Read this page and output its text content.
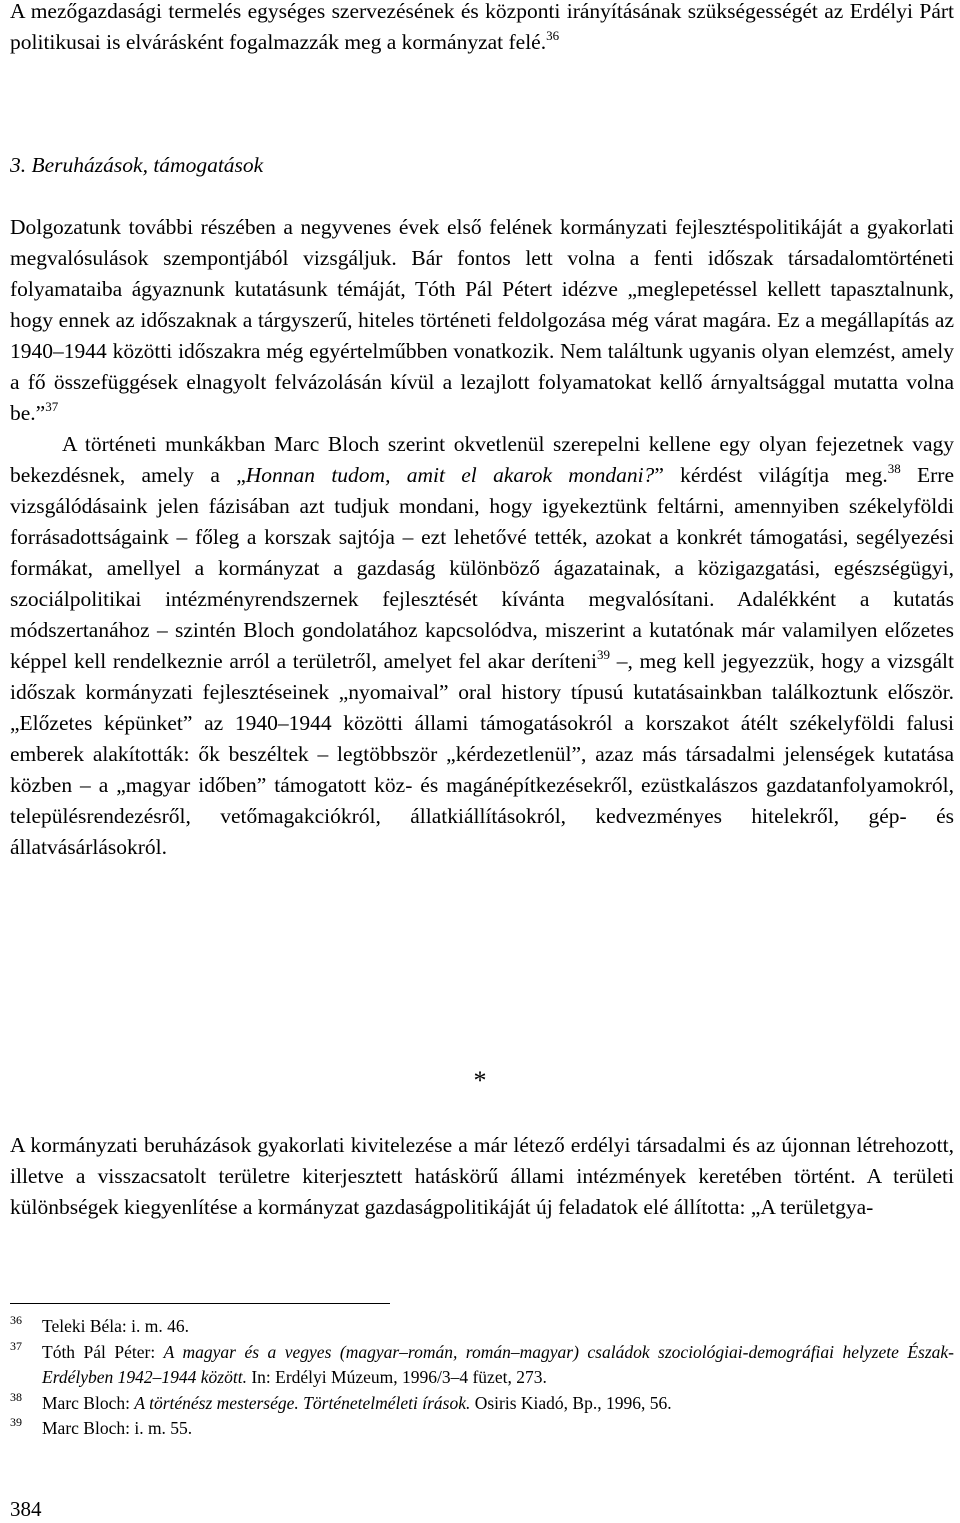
A mezőgazdasági termelés egységes szervezésének és központi irányításának szükségességét az Erdélyi Párt politikusai is elvárásként fogalmazzák meg a kormányzat felé.$^{36}$

3. Beruházások, támogatások

Dolgozatunk további részében a negyvenes évek első felének kormányzati fejlesztéspolitikáját a gyakorlati megvalósulások szempontjából vizsgáljuk. Bár fontos lett volna a fenti időszak társadalomtörténeti folyamataiba ágyaznunk kutatásunk témáját, Tóth Pál Pétert idézve „meglepetéssel kellett tapasztalnunk, hogy ennek az időszaknak a tárgyszerű, hiteles történeti feldolgozása még várat magára. Ez a megállapítás az 1940–1944 közötti időszakra még egyértelműbben vonatkozik. Nem találtunk ugyanis olyan elemzést, amely a fő összefüggések elnagyolt felvázolásán kívül a lezajlott folyamatokat kellő árnyaltsággal mutatta volna be.”$^{37}$
A történeti munkákban Marc Bloch szerint okvetlenül szerepelni kellene egy olyan fejezetnek vagy bekezdésnek, amely a „Honnan tudom, amit el akarok mondani?” kérdést világítja meg.$^{38}$ Erre vizsgálódásaink jelen fázisában azt tudjuk mondani, hogy igyekeztünk feltárni, amennyiben székelyföldi forrásadottságaink – főleg a korszak sajtója – ezt lehetővé tették, azokat a konkrét támogatási, segélyezési formákat, amellyel a kormányzat a gazdaság különböző ágazatainak, a közigazgatási, egészségügyi, szociálpolitikai intézményrendszernek fejlesztését kívánta megvalósítani. Adalékként a kutatás módszertanához – szintén Bloch gondolatához kapcsolódva, miszerint a kutatónak már valamilyen előzetes képpel kell rendelkeznie arról a területről, amelyet fel akar deríteni$^{39}$ –, meg kell jegyezzük, hogy a vizsgált időszak kormányzati fejlesztéseinek „nyomaival” oral history típusú kutatásainkban találkoztunk először. „Előzetes képünket” az 1940–1944 közötti állami támogatásokról a korszakot átélt székelyföldi falusi emberek alakították: ők beszéltek – legtöbbször „kérdezetlenül”, azaz más társadalmi jelenségek kutatása közben – a „magyar időben” támogatott köz- és magánépítkezésekről, ezüstkalászos gazdatanfolyamokról, településrendezésről, vetőmagakciókról, állatkiállításokról, kedvezményes hitelekről, gép- és állatvásárlásokról.

*

A kormányzati beruházások gyakorlati kivitelezése a már létező erdélyi társadalmi és az újonnan létrehozott, illetve a visszacsatolt területre kiterjesztett hatáskörű állami intézmények keretében történt. A területi különbségek kiegyenlítése a kormányzat gazdaságpolitikáját új feladatok elé állította: „A területgya-

36 Teleki Béla: i. m. 46.
37 Tóth Pál Péter: A magyar és a vegyes (magyar–román, román–magyar) családok szociológiai-demográfiai helyzete Észak-Erdélyben 1942–1944 között. In: Erdélyi Múzeum, 1996/3–4 füzet, 273.
38 Marc Bloch: A történész mestersége. Történetelméleti írások. Osiris Kiadó, Bp., 1996, 56.
39 Marc Bloch: i. m. 55.
384
